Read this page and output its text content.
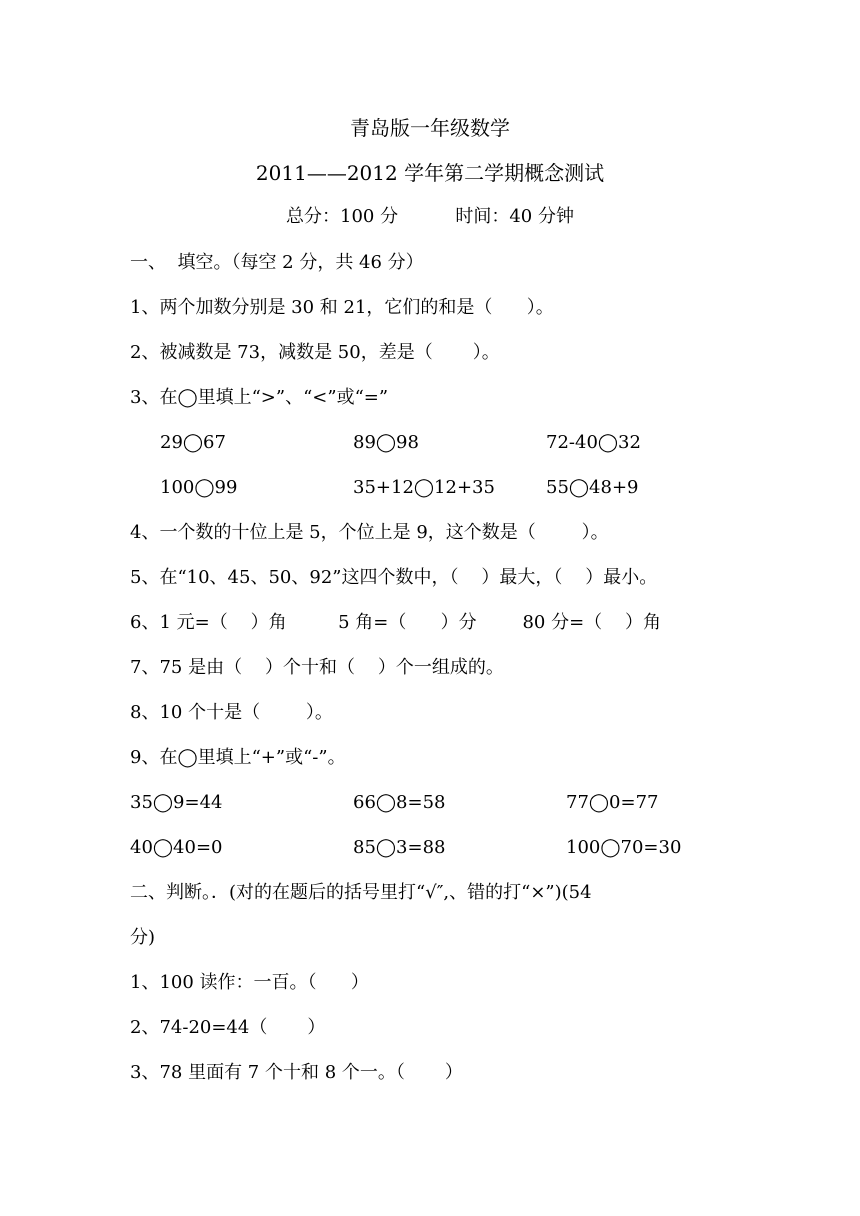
青岛版一年级数学
2011——2012 学年第二学期概念测试
总分：100 分          时间：40 分钟
一、  填空。（每空 2 分，共 46 分）
1、两个加数分别是 30 和 21，它们的和是（      ）。
2、被减数是 73，减数是 50，差是（       ）。
3、在◯里填上“>”、“<”或“=”
29◯67	89◯98	72-40◯32
100◯99	35+12◯12+35	55◯48+9
4、一个数的十位上是 5，个位上是 9，这个数是（        ）。
5、在“10、45、50、92”这四个数中，（    ）最大，（    ）最小。
6、1 元=（    ）角         5 角=（      ）分        80 分=（    ）角
7、75 是由（    ）个十和（    ）个一组成的。
8、10 个十是（        ）。
9、在◯里填上“+”或“-”。
35◯9=44	66◯8=58	77◯0=77
40◯40=0	85◯3=88	100◯70=30
二、判断。．(对的在题后的括号里打“√″,、错的打“×”)(54
分)
1、100 读作：一百。（      ）
2、74-20=44（       ）
3、78 里面有 7 个十和 8 个一。（       ）
